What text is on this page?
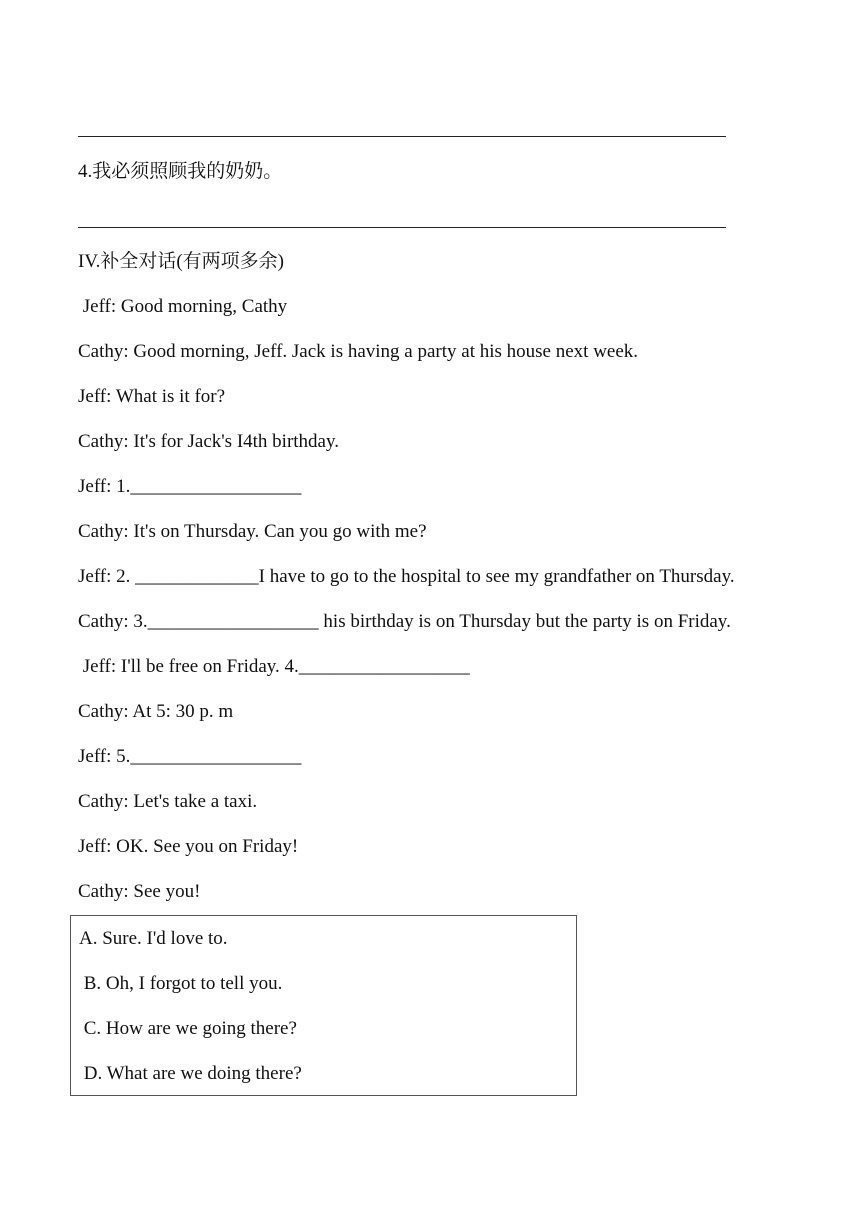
4.我必须照顾我的奶奶。
IV.补全对话(有两项多余)
Jeff: Good morning, Cathy
Cathy: Good morning, Jeff. Jack is having a party at his house next week.
Jeff: What is it for?
Cathy: It's for Jack's I4th birthday.
Jeff: 1.__________________
Cathy: It's on Thursday. Can you go with me?
Jeff: 2. _____________I have to go to the hospital to see my grandfather on Thursday.
Cathy: 3.__________________ his birthday is on Thursday but the party is on Friday.
Jeff: I'll be free on Friday. 4.__________________
Cathy: At 5: 30 p. m
Jeff: 5.__________________
Cathy: Let's take a taxi.
Jeff: OK. See you on Friday!
Cathy: See you!
A. Sure. I'd love to.
B. Oh, I forgot to tell you.
C. How are we going there?
D. What are we doing there?
